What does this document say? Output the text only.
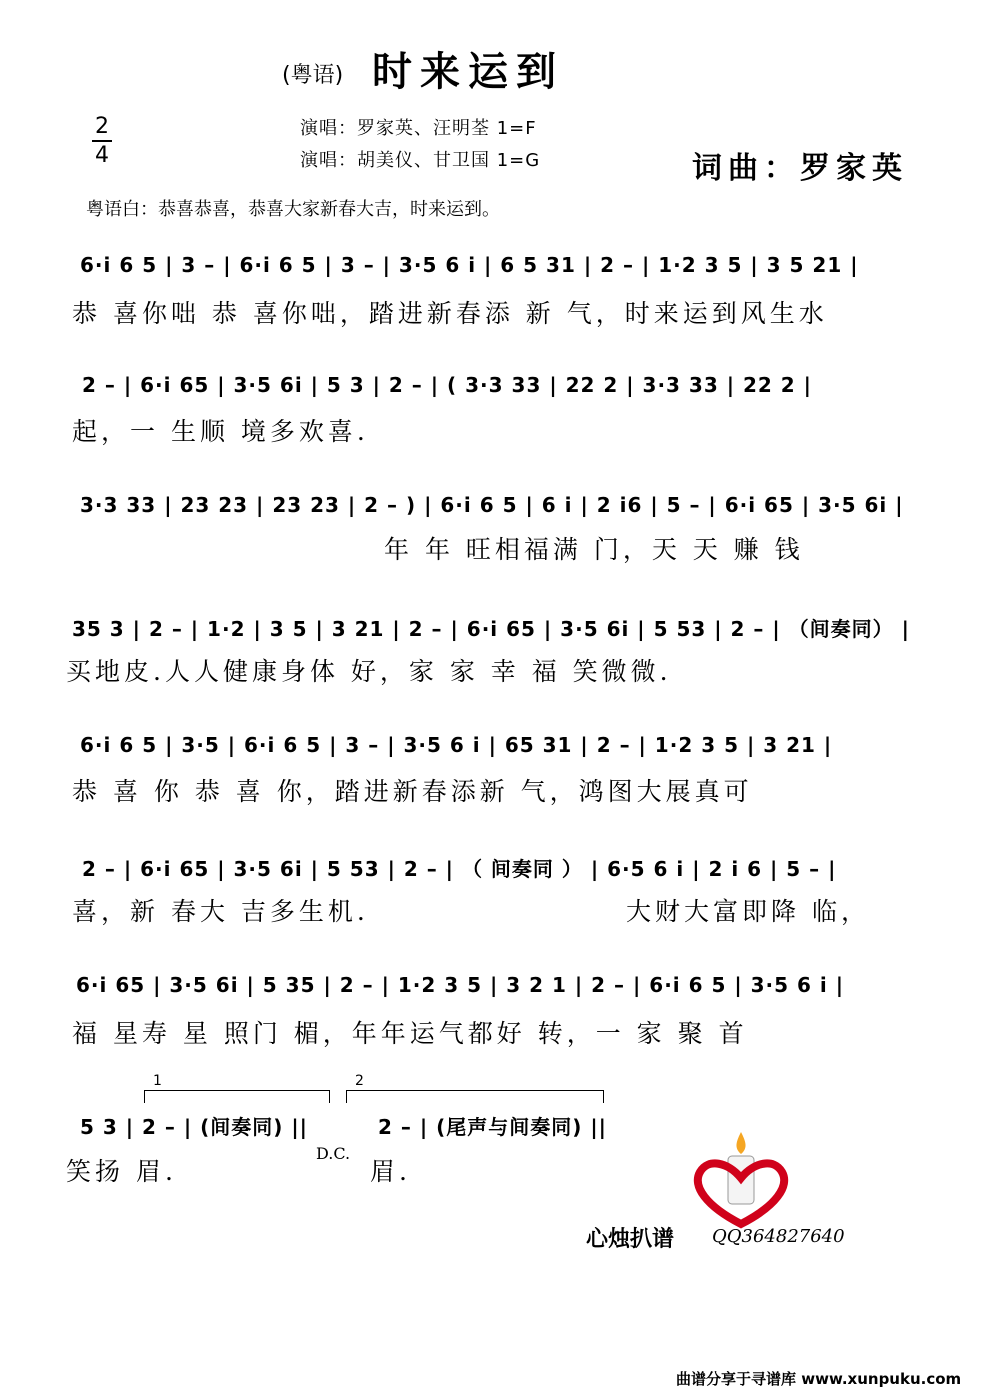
(粤语) 时来运到
2
4
演唱：罗家英、汪明荃 1=F
演唱：胡美仪、甘卫国 1=G	词曲：罗家英
粤语白：恭喜恭喜，恭喜大家新春大吉，时来运到。
6·i 6 5 | 3 – | 6·i 6 5 | 3 – | 3·5 6 i | 6 5 31 | 2 – | 1·2 3 5 | 3 5 21 |
恭 喜你咄 恭 喜你咄，踏进新春添 新 气，时来运到风生水
2 – | 6·i 65 | 3·5 6i | 5 3 | 2 – | ( 3·3 33 | 22 2 | 3·3 33 | 22 2 |
起，一 生顺 境多欢喜.
3·3 33 | 23 23 | 23 23 | 2 – ) | 6·i 6 5 | 6 i | 2 i6 | 5 – | 6·i 65 | 3·5 6i |
年 年 旺相福满 门，天 天 赚 钱
35 3 | 2 – | 1·2 | 3 5 | 3 21 | 2 – | 6·i 65 | 3·5 6i | 5 53 | 2 – | （间奏同） |
买地皮.人人健康身体 好，家 家 幸 福 笑微微.
6·i 6 5 | 3·5 | 6·i 6 5 | 3 – | 3·5 6 i | 65 31 | 2 – | 1·2 3 5 | 3 21 |
恭 喜 你 恭 喜 你，踏进新春添新 气，鸿图大展真可
2 – | 6·i 65 | 3·5 6i | 5 53 | 2 – | （ 间奏同 ） | 6·5 6 i | 2 i 6 | 5 – |
喜，新 春大 吉多生机.	大财大富即降 临，
6·i 65 | 3·5 6i | 5 35 | 2 – | 1·2 3 5 | 3 2 1 | 2 – | 6·i 6 5 | 3·5 6 i |
福 星寿 星 照门 楣，年年运气都好 转，一 家 聚 首
1	2
5 3 | 2 – | (间奏同) ||	2 – | (尾声与间奏同) ||
D.C.
笑扬 眉.	眉.
心烛扒谱 QQ364827640
曲谱分享于寻谱库 www.xunpuku.com
